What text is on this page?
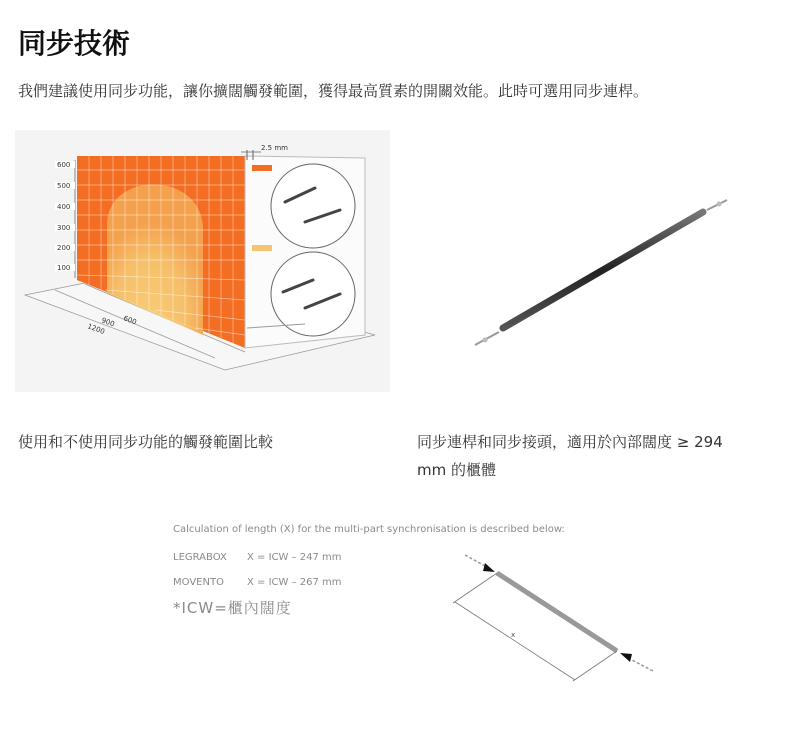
同步技術
我們建議使用同步功能，讓你擴闊觸發範圍，獲得最高質素的開關效能。此時可選用同步連桿。
600
500
400
300
200
100
600
900
1200
2.5 mm
使用和不使用同步功能的觸發範圍比較	同步連桿和同步接頭，適用於內部闊度 ≥ 294
mm 的櫃體
Calculation of length (X) for the multi-part synchronisation is described below:
LEGRABOX X = ICW – 247 mm
MOVENTO X = ICW – 267 mm
*ICW=櫃內闊度
x
